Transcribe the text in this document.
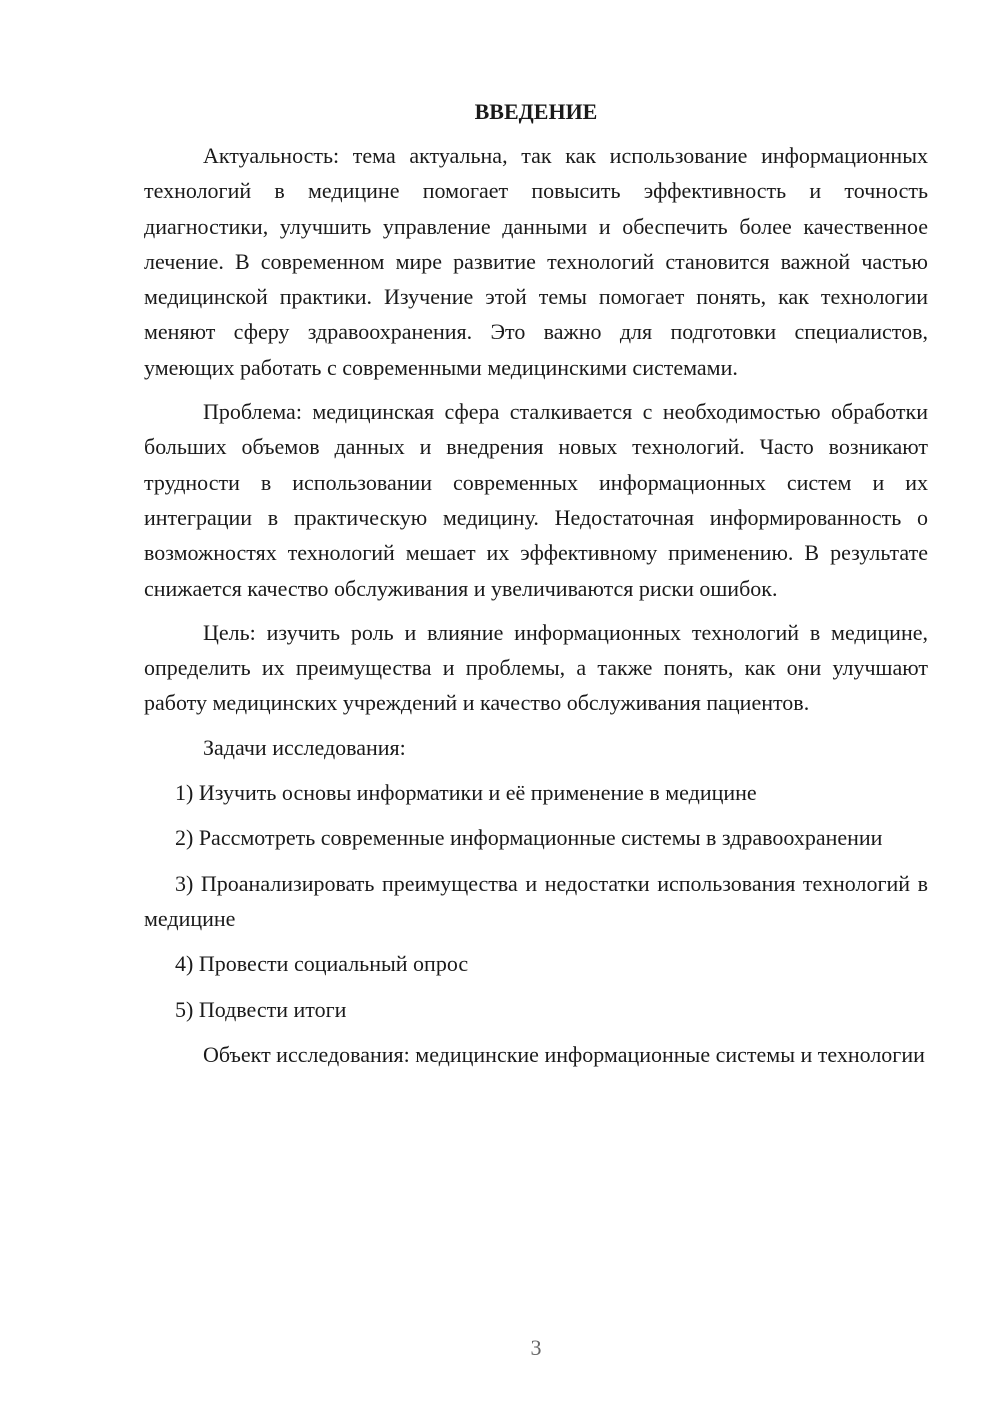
ВВЕДЕНИЕ

Актуальность: тема актуальна, так как использование информационных технологий в медицине помогает повысить эффективность и точность диагностики, улучшить управление данными и обеспечить более качественное лечение. В современном мире развитие технологий становится важной частью медицинской практики. Изучение этой темы помогает понять, как технологии меняют сферу здравоохранения. Это важно для подготовки специалистов, умеющих работать с современными медицинскими системами.

Проблема: медицинская сфера сталкивается с необходимостью обработки больших объемов данных и внедрения новых технологий. Часто возникают трудности в использовании современных информационных систем и их интеграции в практическую медицину. Недостаточная информированность о возможностях технологий мешает их эффективному применению. В результате снижается качество обслуживания и увеличиваются риски ошибок.

Цель: изучить роль и влияние информационных технологий в медицине, определить их преимущества и проблемы, а также понять, как они улучшают работу медицинских учреждений и качество обслуживания пациентов.

Задачи исследования:

1) Изучить основы информатики и её применение в медицине

2) Рассмотреть современные информационные системы в здравоохранении

3) Проанализировать преимущества и недостатки использования технологий в медицине

4) Провести социальный опрос

5) Подвести итоги

Объект исследования: медицинские информационные системы и технологии

3
